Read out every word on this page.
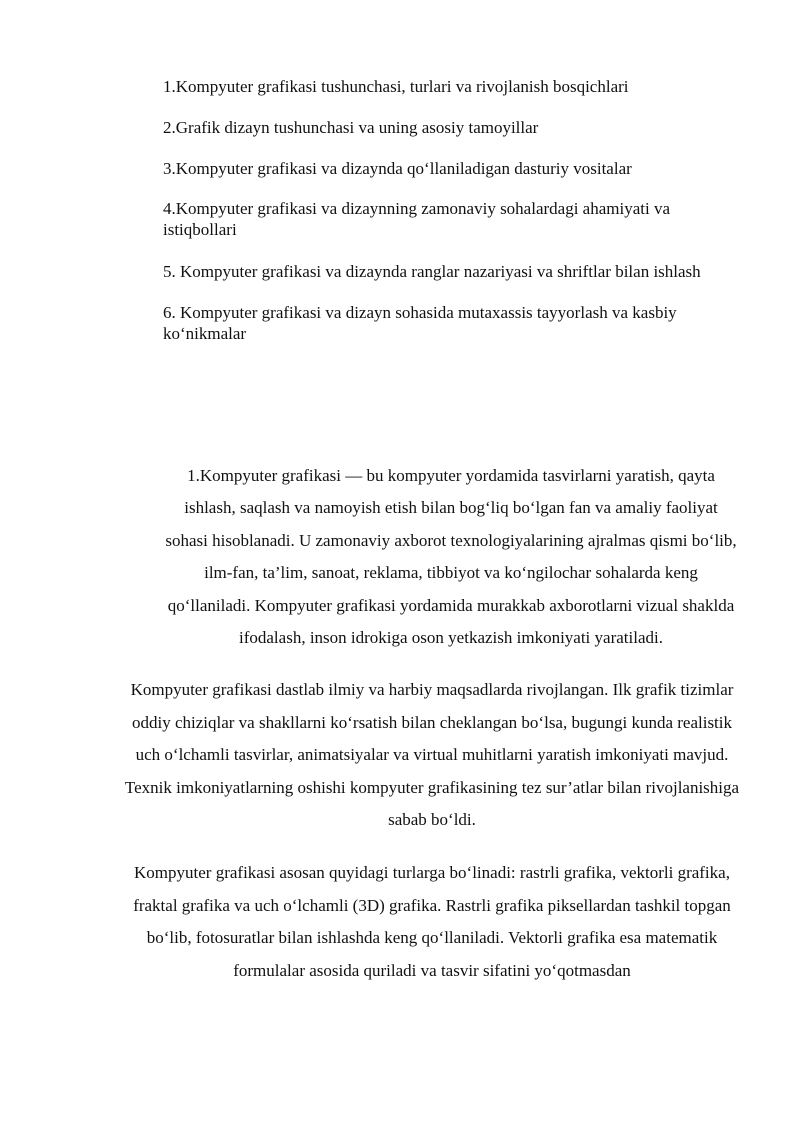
1.Kompyuter grafikasi tushunchasi, turlari va rivojlanish bosqichlari
2.Grafik dizayn tushunchasi va uning asosiy tamoyillar
3.Kompyuter grafikasi va dizaynda qo‘llaniladigan dasturiy vositalar
4.Kompyuter grafikasi va dizaynning zamonaviy sohalardagi ahamiyati va istiqbollari
5. Kompyuter grafikasi va dizaynda ranglar nazariyasi va shriftlar bilan ishlash
6. Kompyuter grafikasi va dizayn sohasida mutaxassis tayyorlash va kasbiy ko‘nikmalar

1.Kompyuter grafikasi — bu kompyuter yordamida tasvirlarni yaratish, qayta ishlash, saqlash va namoyish etish bilan bog‘liq bo‘lgan fan va amaliy faoliyat sohasi hisoblanadi. U zamonaviy axborot texnologiyalarining ajralmas qismi bo‘lib, ilm-fan, ta’lim, sanoat, reklama, tibbiyot va ko‘ngilochar sohalarda keng qo‘llaniladi. Kompyuter grafikasi yordamida murakkab axborotlarni vizual shaklda ifodalash, inson idrokiga oson yetkazish imkoniyati yaratiladi.

Kompyuter grafikasi dastlab ilmiy va harbiy maqsadlarda rivojlangan. Ilk grafik tizimlar oddiy chiziqlar va shakllarni ko‘rsatish bilan cheklangan bo‘lsa, bugungi kunda realistik uch o‘lchamli tasvirlar, animatsiyalar va virtual muhitlarni yaratish imkoniyati mavjud. Texnik imkoniyatlarning oshishi kompyuter grafikasining tez sur’atlar bilan rivojlanishiga sabab bo‘ldi.

Kompyuter grafikasi asosan quyidagi turlarga bo‘linadi: rastrli grafika, vektorli grafika, fraktal grafika va uch o‘lchamli (3D) grafika. Rastrli grafika piksellardan tashkil topgan bo‘lib, fotosuratlar bilan ishlashda keng qo‘llaniladi. Vektorli grafika esa matematik formulalar asosida quriladi va tasvir sifatini yo‘qotmasdan
